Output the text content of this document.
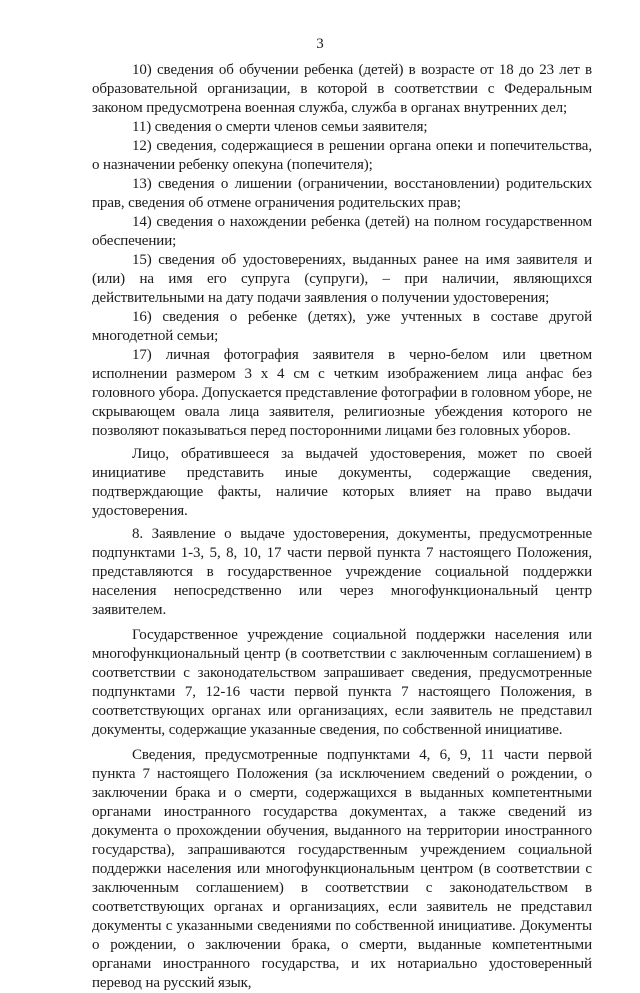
3

10) сведения об обучении ребенка (детей) в возрасте от 18 до 23 лет в образовательной организации, в которой в соответствии с Федеральным законом предусмотрена военная служба, служба в органах внутренних дел;

11) сведения о смерти членов семьи заявителя;

12) сведения, содержащиеся в решении органа опеки и попечительства, о назначении ребенку опекуна (попечителя);

13) сведения о лишении (ограничении, восстановлении) родительских прав, сведения об отмене ограничения родительских прав;

14) сведения о нахождении ребенка (детей) на полном государственном обеспечении;

15) сведения об удостоверениях, выданных ранее на имя заявителя и (или) на имя его супруга (супруги), – при наличии, являющихся действительными на дату подачи заявления о получении удостоверения;

16) сведения о ребенке (детях), уже учтенных в составе другой многодетной семьи;

17) личная фотография заявителя в черно-белом или цветном исполнении размером 3 х 4 см с четким изображением лица анфас без головного убора. Допускается представление фотографии в головном уборе, не скрывающем овала лица заявителя, религиозные убеждения которого не позволяют показываться перед посторонними лицами без головных уборов.

Лицо, обратившееся за выдачей удостоверения, может по своей инициативе представить иные документы, содержащие сведения, подтверждающие факты, наличие которых влияет на право выдачи удостоверения.

8. Заявление о выдаче удостоверения, документы, предусмотренные подпунктами 1-3, 5, 8, 10, 17 части первой пункта 7 настоящего Положения, представляются в государственное учреждение социальной поддержки населения непосредственно или через многофункциональный центр заявителем.

Государственное учреждение социальной поддержки населения или многофункциональный центр (в соответствии с заключенным соглашением) в соответствии с законодательством запрашивает сведения, предусмотренные подпунктами 7, 12-16 части первой пункта 7 настоящего Положения, в соответствующих органах или организациях, если заявитель не представил документы, содержащие указанные сведения, по собственной инициативе.

Сведения, предусмотренные подпунктами 4, 6, 9, 11 части первой пункта 7 настоящего Положения (за исключением сведений о рождении, о заключении брака и о смерти, содержащихся в выданных компетентными органами иностранного государства документах, а также сведений из документа о прохождении обучения, выданного на территории иностранного государства), запрашиваются государственным учреждением социальной поддержки населения или многофункциональным центром (в соответствии с заключенным соглашением) в соответствии с законодательством в соответствующих органах и организациях, если заявитель не представил документы с указанными сведениями по собственной инициативе. Документы о рождении, о заключении брака, о смерти, выданные компетентными органами иностранного государства, и их нотариально удостоверенный перевод на русский язык,
